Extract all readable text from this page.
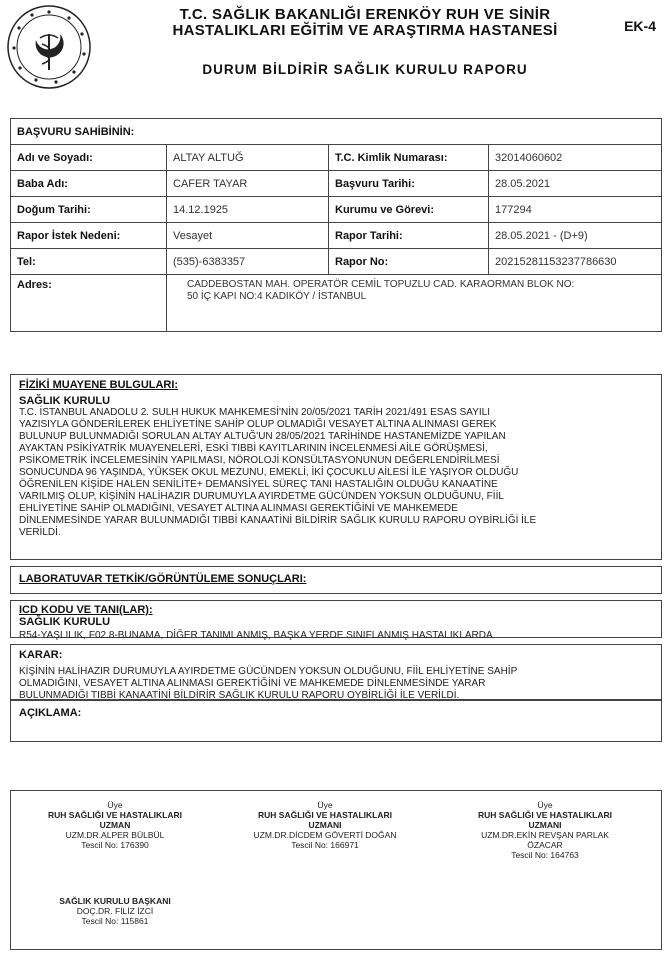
T.C. SAĞLIK BAKANLIĞI ERENKÖY RUH VE SİNİR
HASTALIKLARI EĞİTİM VE ARAŞTIRMA HASTANESİ
DURUM BİLDİRİR SAĞLIK KURULU RAPORU
EK-4
BAŞVURU SAHİBİNİN:			
Adı ve Soyadı:	ALTAY ALTUĞ	T.C. Kimlik Numarası:	32014060602
Baba Adı:	CAFER TAYAR	Başvuru Tarihi:	28.05.2021
Doğum Tarihi:	14.12.1925	Kurumu ve Görevi:	177294
Rapor İstek Nedeni:	Vesayet	Rapor Tarihi:	28.05.2021 - (D+9)
Tel:	(535)-6383357	Rapor No:	20215281153237786630
Adres:	CADDEBOSTAN MAH. OPERATÖR CEMİL TOPUZLU CAD. KARAORMAN BLOK NO:
50 İÇ KAPI NO:4 KADIKÖY / İSTANBUL		
FİZİKİ MUAYENE BULGULARI:
SAĞLIK KURULU
T.C. İSTANBUL ANADOLU 2. SULH HUKUK MAHKEMESİ'NİN 20/05/2021 TARİH 2021/491 ESAS SAYILI
YAZISIYLA GÖNDERİLEREK EHLİYETİNE SAHİP OLUP OLMADIĞI VESAYET ALTINA ALINMASI GEREK
BULUNUP BULUNMADIĞI SORULAN ALTAY ALTUĞ'UN 28/05/2021 TARİHİNDE HASTANEMİZDE YAPILAN
AYAKTAN PSİKİYATRİK MUAYENELERİ, ESKİ TIBBİ KAYITLARININ İNCELENMESİ AİLE GÖRÜŞMESİ,
PSİKOMETRİK İNCELEMESİNİN YAPILMASI, NÖROLOJİ KONSÜLTASYONUNUN DEĞERLENDİRİLMESİ
SONUCUNDA 96 YAŞINDA, YÜKSEK OKUL MEZUNU, EMEKLİ, İKİ ÇOCUKLU AİLESİ İLE YAŞIYOR OLDUĞU
ÖĞRENİLEN KİŞİDE HALEN SENİLİTE+ DEMANSİYEL SÜREÇ TANI HASTALIĞIN OLDUĞU KANAATİNE
VARILMIŞ OLUP, KİŞİNİN HALİHAZIR DURUMUYLA AYIRDETME GÜCÜNDEN YOKSUN OLDUĞUNU, FİİL
EHLİYETİNE SAHİP OLMADIĞINI, VESAYET ALTINA ALINMASI GEREKTİĞİNİ VE MAHKEMEDE
DİNLENMESİNDE YARAR BULUNMADIĞI TIBBİ KANAATİNİ BİLDİRİR SAĞLIK KURULU RAPORU OYBİRLİĞİ İLE
VERİLDİ.
LABORATUVAR TETKİK/GÖRÜNTÜLEME SONUÇLARI:
ICD KODU VE TANI(LAR):
SAĞLIK KURULU
R54-YAŞLILIK, F02.8-BUNAMA, DİĞER TANIMLANMIŞ, BAŞKA YERDE SINIFLANMIŞ HASTALIKLARDA
KARAR:
KİŞİNİN HALİHAZIR DURUMUYLA AYIRDETME GÜCÜNDEN YOKSUN OLDUĞUNU, FİİL EHLİYETİNE SAHİP
OLMADIĞINI, VESAYET ALTINA ALINMASI GEREKTİĞİNİ VE MAHKEMEDE DİNLENMESİNDE YARAR
BULUNMADIĞI TIBBİ KANAATİNİ BİLDİRİR SAĞLIK KURULU RAPORU OYBİRLİĞİ İLE VERİLDİ.
AÇIKLAMA:
Üye
RUH SAĞLIĞI VE HASTALIKLARI
UZMAN
UZM.DR.ALPER BÜLBÜL
Tescil No: 176390
Üye
RUH SAĞLIĞI VE HASTALIKLARI
UZMANI
UZM.DR.DİCDEM GÖVERTİ DOĞAN
Tescil No: 166971
Üye
RUH SAĞLIĞI VE HASTALIKLARI
UZMANI
UZM.DR.EKİN REVŞAN PARLAK
ÖZACAR
Tescil No: 164763
SAĞLIK KURULU BAŞKANI
DOÇ.DR. FİLİZ İZCİ
Tescil No: 115861
